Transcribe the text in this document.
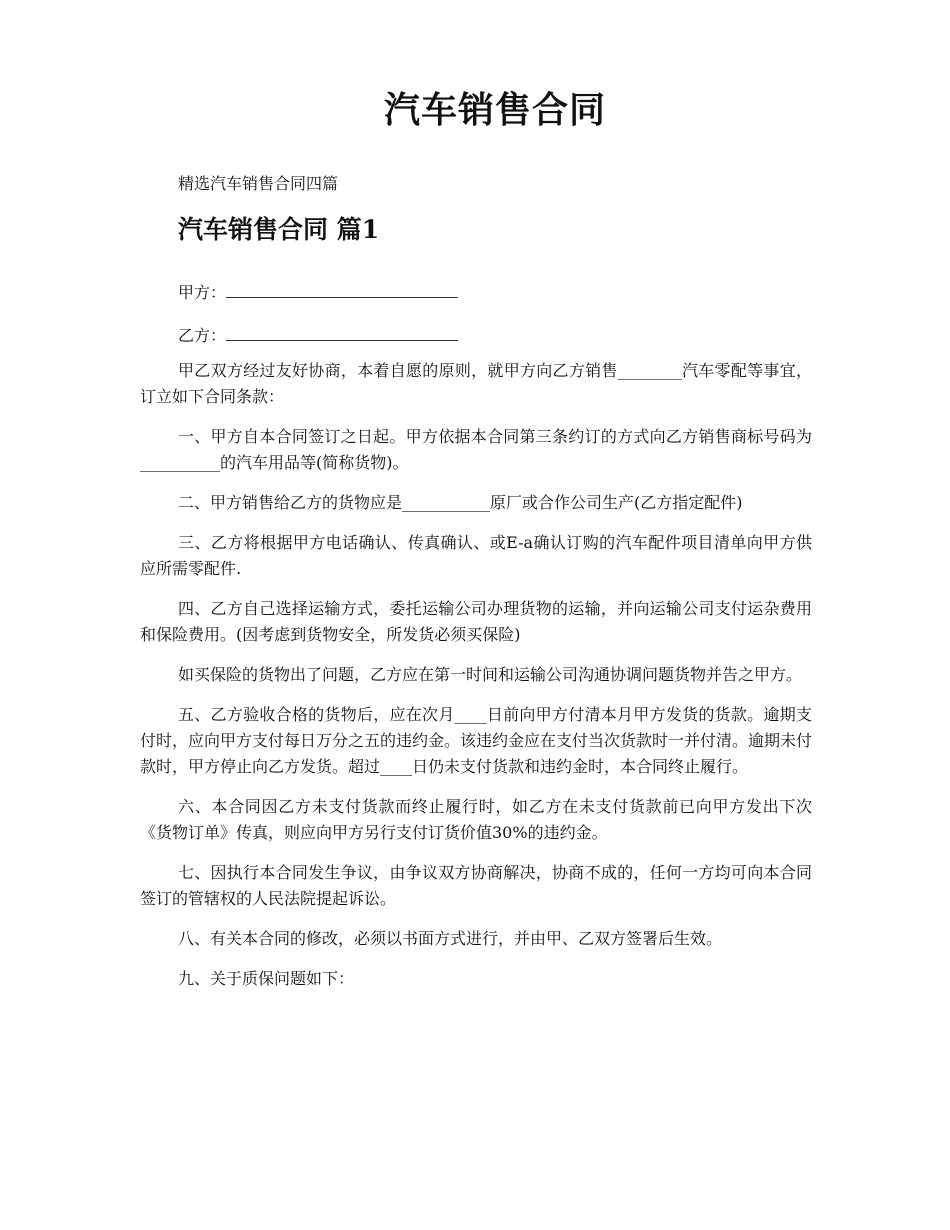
汽车销售合同

精选汽车销售合同四篇

汽车销售合同 篇1

甲方：

乙方：

甲乙双方经过友好协商，本着自愿的原则，就甲方向乙方销售________汽车零配等事宜，订立如下合同条款：

一、甲方自本合同签订之日起。甲方依据本合同第三条约订的方式向乙方销售商标号码为__________的汽车用品等(简称货物)。

二、甲方销售给乙方的货物应是___________原厂或合作公司生产(乙方指定配件)

三、乙方将根据甲方电话确认、传真确认、或E-a确认订购的汽车配件项目清单向甲方供应所需零配件.

四、乙方自己选择运输方式，委托运输公司办理货物的运输，并向运输公司支付运杂费用和保险费用。(因考虑到货物安全，所发货必须买保险)

如买保险的货物出了问题，乙方应在第一时间和运输公司沟通协调问题货物并告之甲方。

五、乙方验收合格的货物后，应在次月____日前向甲方付清本月甲方发货的货款。逾期支付时，应向甲方支付每日万分之五的违约金。该违约金应在支付当次货款时一并付清。逾期未付款时，甲方停止向乙方发货。超过____日仍未支付货款和违约金时，本合同终止履行。

六、本合同因乙方未支付货款而终止履行时，如乙方在未支付货款前已向甲方发出下次《货物订单》传真，则应向甲方另行支付订货价值30%的违约金。

七、因执行本合同发生争议，由争议双方协商解决，协商不成的，任何一方均可向本合同签订的管辖权的人民法院提起诉讼。

八、有关本合同的修改，必须以书面方式进行，并由甲、乙双方签署后生效。

九、关于质保问题如下：
